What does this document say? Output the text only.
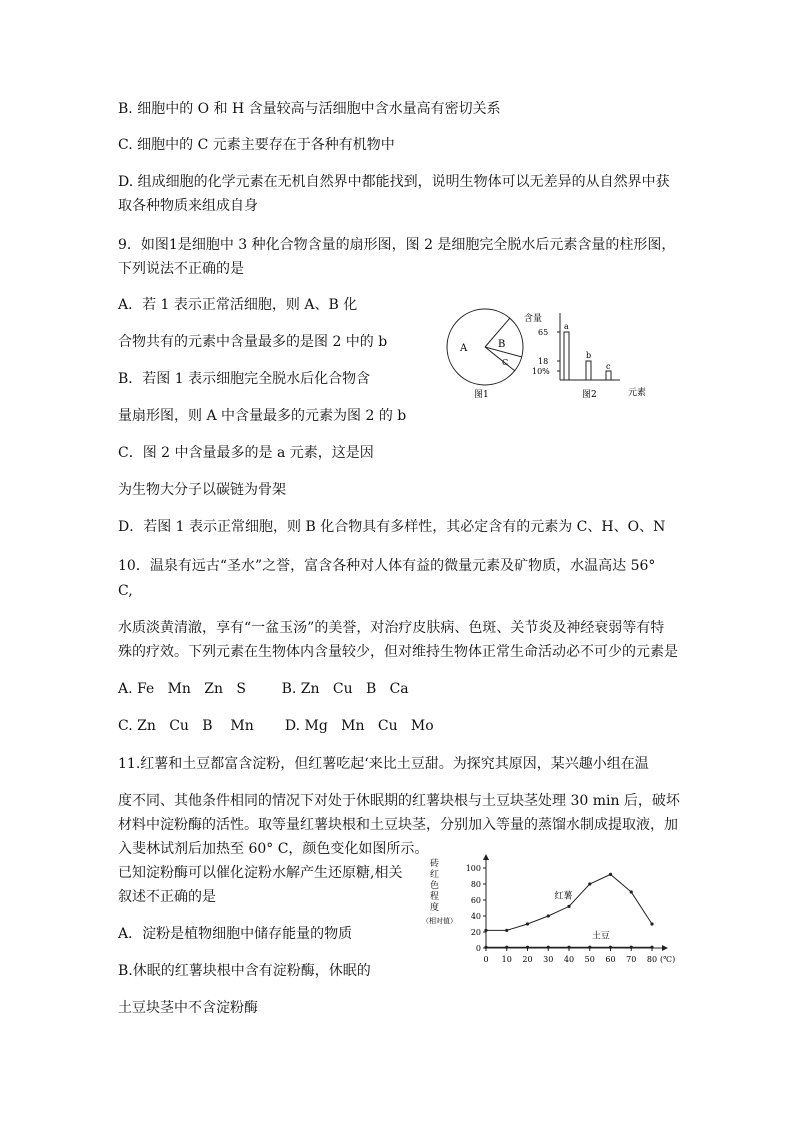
B. 细胞中的 O 和 H 含量较高与活细胞中含水量高有密切关系
C. 细胞中的 C 元素主要存在于各种有机物中
D. 组成细胞的化学元素在无机自然界中都能找到，说明生物体可以无差异的从自然界中获
取各种物质来组成自身
9．如图1是细胞中 3 种化合物含量的扇形图，图 2 是细胞完全脱水后元素含量的柱形图，
下列说法不正确的是
A．若 1 表示正常活细胞，则 A、B 化
合物共有的元素中含量最多的是图 2 中的 b
B．若图 1 表示细胞完全脱水后化合物含
量扇形图，则 A 中含量最多的元素为图 2 的 b
C．图 2 中含量最多的是 a 元素，这是因
为生物大分子以碳链为骨架
D．若图 1 表示正常细胞，则 B 化合物具有多样性，其必定含有的元素为 C、H、O、N
10．温泉有远古“圣水”之誉，富含各种对人体有益的微量元素及矿物质，水温高达 56°
C,
水质淡黄清澈，享有“一盆玉汤”的美誉，对治疗皮肤病、色斑、关节炎及神经衰弱等有特
殊的疗效。下列元素在生物体内含量较少，但对维持生物体正常生命活动必不可少的元素是
A. Fe   Mn   Zn   S        B. Zn   Cu   B   Ca
C. Zn   Cu   B    Mn       D. Mg   Mn   Cu   Mo
11.红薯和土豆都富含淀粉，但红薯吃起‘来比土豆甜。为探究其原因，某兴趣小组在温
度不同、其他条件相同的情况下对处于休眠期的红薯块根与土豆块茎处理 30 min 后，破坏
材料中淀粉酶的活性。取等量红薯块根和土豆块茎，分别加入等量的蒸馏水制成提取液，加
入斐林试剂后加热至 60° C，颜色变化如图所示。
已知淀粉酶可以催化淀粉水解产生还原糖,相关
叙述不正确的是
A．淀粉是植物细胞中储存能量的物质
B.休眠的红薯块根中含有淀粉酶，休眠的
土豆块茎中不含淀粉酶
A	B
C
图1
含量
65
18
10%
a
b
c
图2	元素
砖
红
色
程
度
（相对值）
0
20
40
60
80
100
0 10 20 30 40 50 60 70 80 (℃)
红薯
土豆
